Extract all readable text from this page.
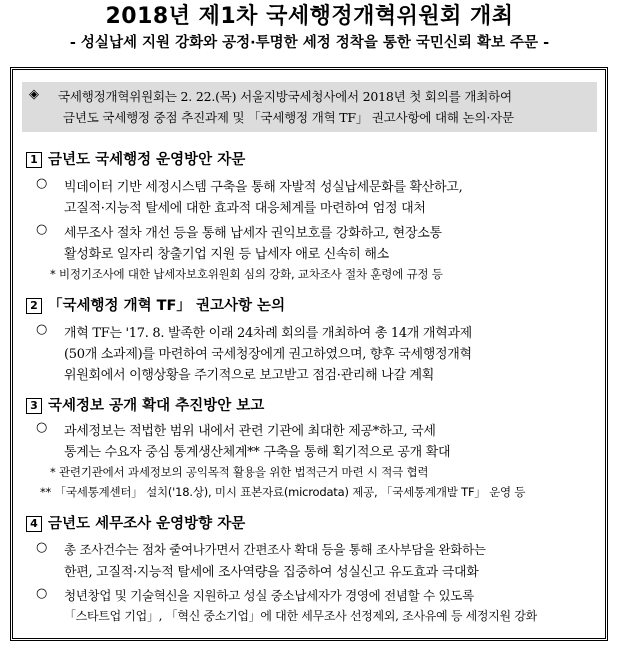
2018년 제1차 국세행정개혁위원회 개최
- 성실납세 지원 강화와 공정·투명한 세정 정착을 통한 국민신뢰 확보 주문 -
◈ 국세행정개혁위원회는 2. 22.(목) 서울지방국세청사에서 2018년 첫 회의를 개최하여
금년도 국세행정 중점 추진과제 및 「국세행정 개혁 TF」 권고사항에 대해 논의·자문
1 금년도 국세행정 운영방안 자문
○ 빅데이터 기반 세정시스템 구축을 통해 자발적 성실납세문화를 확산하고,
고질적·지능적 탈세에 대한 효과적 대응체계를 마련하여 엄정 대처
○ 세무조사 절차 개선 등을 통해 납세자 권익보호를 강화하고, 현장소통
활성화로 일자리 창출기업 지원 등 납세자 애로 신속히 해소
* 비정기조사에 대한 납세자보호위원회 심의 강화, 교차조사 절차 훈령에 규정 등
2 「국세행정 개혁 TF」 권고사항 논의
○ 개혁 TF는 '17. 8. 발족한 이래 24차례 회의를 개최하여 총 14개 개혁과제
(50개 소과제)를 마련하여 국세청장에게 권고하였으며, 향후 국세행정개혁
위원회에서 이행상황을 주기적으로 보고받고 점검·관리해 나갈 계획
3 국세정보 공개 확대 추진방안 보고
○ 과세정보는 적법한 범위 내에서 관련 기관에 최대한 제공*하고, 국세
통계는 수요자 중심 통계생산체계** 구축을 통해 획기적으로 공개 확대
* 관련기관에서 과세정보의 공익목적 활용을 위한 법적근거 마련 시 적극 협력
** 「국세통계센터」 설치('18.상), 미시 표본자료(microdata) 제공, 「국세통계개발 TF」 운영 등
4 금년도 세무조사 운영방향 자문
○ 총 조사건수는 점차 줄여나가면서 간편조사 확대 등을 통해 조사부담을 완화하는
한편, 고질적·지능적 탈세에 조사역량을 집중하여 성실신고 유도효과 극대화
○ 청년창업 및 기술혁신을 지원하고 성실 중소납세자가 경영에 전념할 수 있도록
「스타트업 기업」, 「혁신 중소기업」에 대한 세무조사 선정제외, 조사유예 등 세정지원 강화
